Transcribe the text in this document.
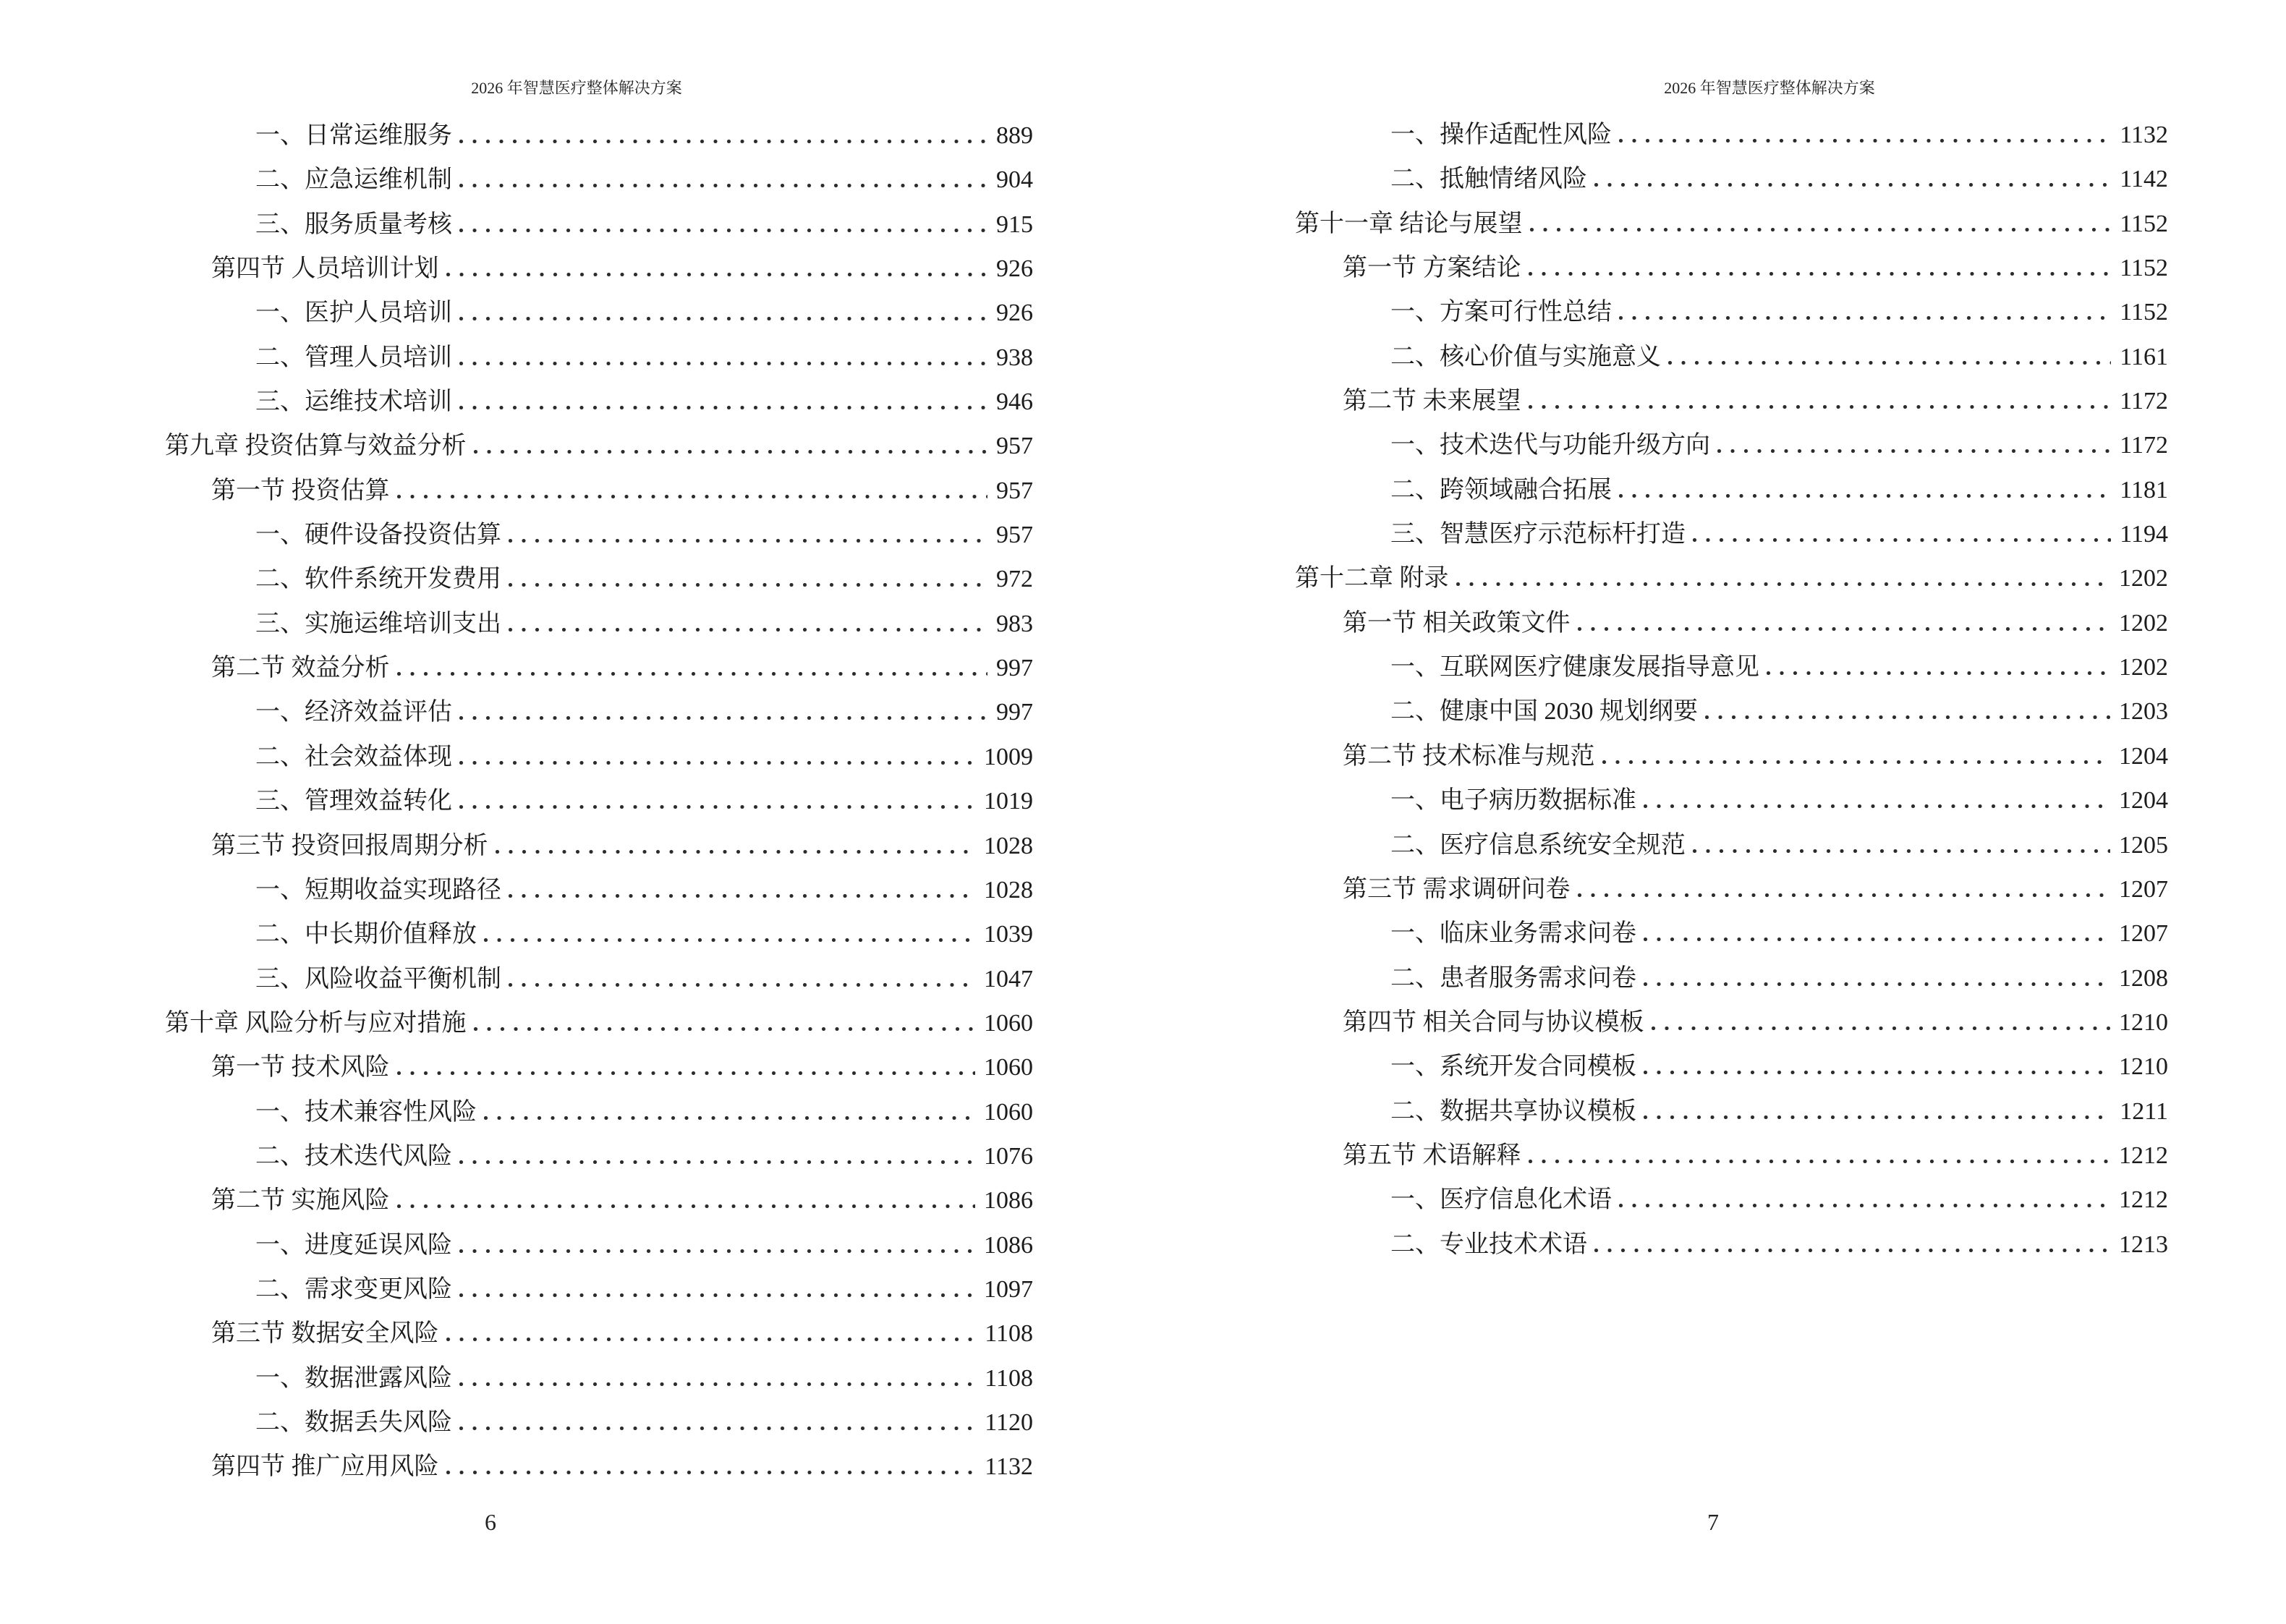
2026 年智慧医疗整体解决方案	2026 年智慧医疗整体解决方案
一、日常运维服务	889
二、应急运维机制	904
三、服务质量考核	915
第四节 人员培训计划	926
一、医护人员培训	926
二、管理人员培训	938
三、运维技术培训	946
第九章 投资估算与效益分析	957
第一节 投资估算	957
一、硬件设备投资估算	957
二、软件系统开发费用	972
三、实施运维培训支出	983
第二节 效益分析	997
一、经济效益评估	997
二、社会效益体现	1009
三、管理效益转化	1019
第三节 投资回报周期分析	1028
一、短期收益实现路径	1028
二、中长期价值释放	1039
三、风险收益平衡机制	1047
第十章 风险分析与应对措施	1060
第一节 技术风险	1060
一、技术兼容性风险	1060
二、技术迭代风险	1076
第二节 实施风险	1086
一、进度延误风险	1086
二、需求变更风险	1097
第三节 数据安全风险	1108
一、数据泄露风险	1108
二、数据丢失风险	1120
第四节 推广应用风险	1132
一、操作适配性风险	1132
二、抵触情绪风险	1142
第十一章 结论与展望	1152
第一节 方案结论	1152
一、方案可行性总结	1152
二、核心价值与实施意义	1161
第二节 未来展望	1172
一、技术迭代与功能升级方向	1172
二、跨领域融合拓展	1181
三、智慧医疗示范标杆打造	1194
第十二章 附录	1202
第一节 相关政策文件	1202
一、互联网医疗健康发展指导意见	1202
二、健康中国 2030 规划纲要	1203
第二节 技术标准与规范	1204
一、电子病历数据标准	1204
二、医疗信息系统安全规范	1205
第三节 需求调研问卷	1207
一、临床业务需求问卷	1207
二、患者服务需求问卷	1208
第四节 相关合同与协议模板	1210
一、系统开发合同模板	1210
二、数据共享协议模板	1211
第五节 术语解释	1212
一、医疗信息化术语	1212
二、专业技术术语	1213
6	7
